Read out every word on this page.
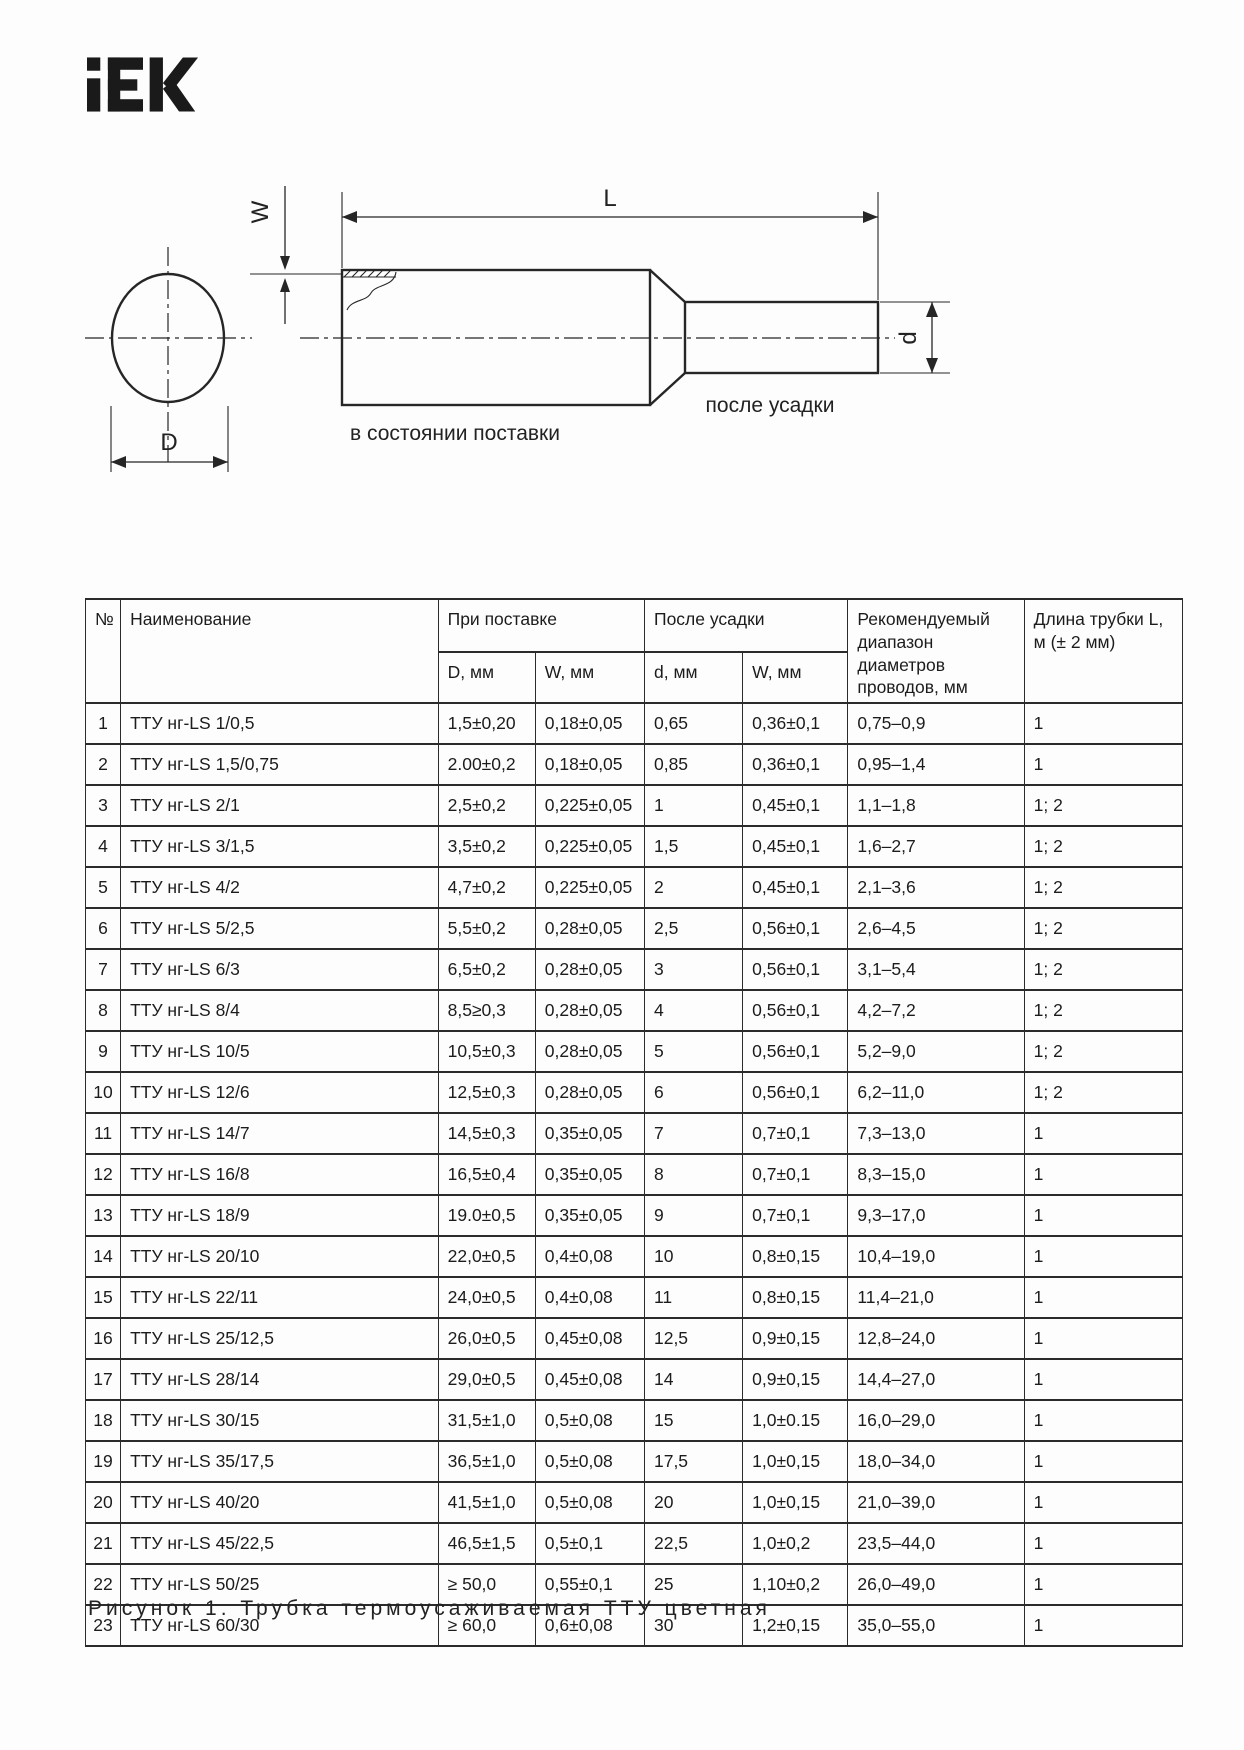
D
W	L
d
в состоянии поставки
после усадки
№	Наименование	При поставке		После усадки		Рекомендуемый диапазон диаметров проводов, мм	Длина трубки L, м (± 2 мм)
		D, мм	W, мм	d, мм	W, мм		
1	ТТУ нг-LS 1/0,5	1,5±0,20	0,18±0,05	0,65	0,36±0,1	0,75–0,9	1
2	ТТУ нг-LS 1,5/0,75	2.00±0,2	0,18±0,05	0,85	0,36±0,1	0,95–1,4	1
3	ТТУ нг-LS 2/1	2,5±0,2	0,225±0,05	1	0,45±0,1	1,1–1,8	1; 2
4	ТТУ нг-LS 3/1,5	3,5±0,2	0,225±0,05	1,5	0,45±0,1	1,6–2,7	1; 2
5	ТТУ нг-LS 4/2	4,7±0,2	0,225±0,05	2	0,45±0,1	2,1–3,6	1; 2
6	ТТУ нг-LS 5/2,5	5,5±0,2	0,28±0,05	2,5	0,56±0,1	2,6–4,5	1; 2
7	ТТУ нг-LS 6/3	6,5±0,2	0,28±0,05	3	0,56±0,1	3,1–5,4	1; 2
8	ТТУ нг-LS 8/4	8,5≥0,3	0,28±0,05	4	0,56±0,1	4,2–7,2	1; 2
9	ТТУ нг-LS 10/5	10,5±0,3	0,28±0,05	5	0,56±0,1	5,2–9,0	1; 2
10	ТТУ нг-LS 12/6	12,5±0,3	0,28±0,05	6	0,56±0,1	6,2–11,0	1; 2
11	ТТУ нг-LS 14/7	14,5±0,3	0,35±0,05	7	0,7±0,1	7,3–13,0	1
12	ТТУ нг-LS 16/8	16,5±0,4	0,35±0,05	8	0,7±0,1	8,3–15,0	1
13	ТТУ нг-LS 18/9	19.0±0,5	0,35±0,05	9	0,7±0,1	9,3–17,0	1
14	ТТУ нг-LS 20/10	22,0±0,5	0,4±0,08	10	0,8±0,15	10,4–19,0	1
15	ТТУ нг-LS 22/11	24,0±0,5	0,4±0,08	11	0,8±0,15	11,4–21,0	1
16	ТТУ нг-LS 25/12,5	26,0±0,5	0,45±0,08	12,5	0,9±0,15	12,8–24,0	1
17	ТТУ нг-LS 28/14	29,0±0,5	0,45±0,08	14	0,9±0,15	14,4–27,0	1
18	ТТУ нг-LS 30/15	31,5±1,0	0,5±0,08	15	1,0±0.15	16,0–29,0	1
19	ТТУ нг-LS 35/17,5	36,5±1,0	0,5±0,08	17,5	1,0±0,15	18,0–34,0	1
20	ТТУ нг-LS 40/20	41,5±1,0	0,5±0,08	20	1,0±0,15	21,0–39,0	1
21	ТТУ нг-LS 45/22,5	46,5±1,5	0,5±0,1	22,5	1,0±0,2	23,5–44,0	1
22	ТТУ нг-LS 50/25	≥ 50,0	0,55±0,1	25	1,10±0,2	26,0–49,0	1
23	ТТУ нг-LS 60/30	≥ 60,0	0,6±0,08	30	1,2±0,15	35,0–55,0	1
Рисунок 1. Трубка термоусаживаемая ТТУ цветная
